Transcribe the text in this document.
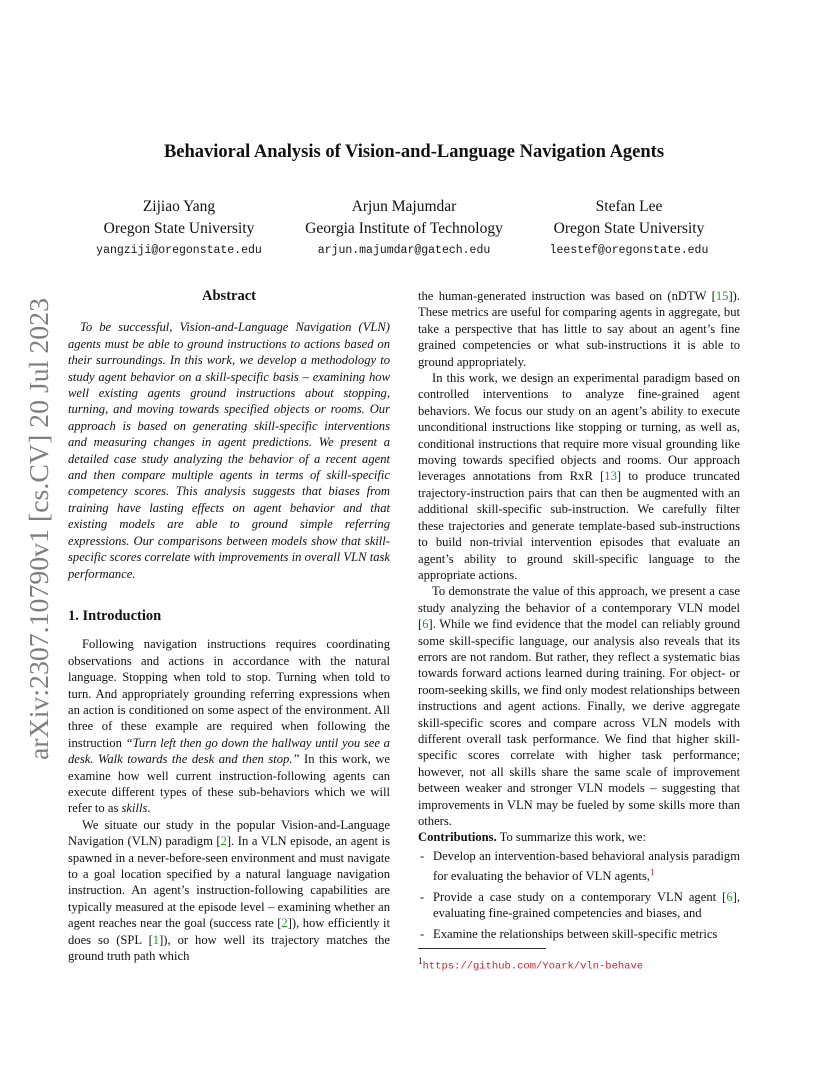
arXiv:2307.10790v1 [cs.CV] 20 Jul 2023
Behavioral Analysis of Vision-and-Language Navigation Agents
Zijiao Yang
Oregon State University
yangziji@oregonstate.edu
Arjun Majumdar
Georgia Institute of Technology
arjun.majumdar@gatech.edu
Stefan Lee
Oregon State University
leestef@oregonstate.edu
Abstract

To be successful, Vision-and-Language Navigation (VLN) agents must be able to ground instructions to actions based on their surroundings. In this work, we develop a methodology to study agent behavior on a skill-specific basis – examining how well existing agents ground instructions about stopping, turning, and moving towards specified objects or rooms. Our approach is based on generating skill-specific interventions and measuring changes in agent predictions. We present a detailed case study analyzing the behavior of a recent agent and then compare multiple agents in terms of skill-specific competency scores. This analysis suggests that biases from training have lasting effects on agent behavior and that existing models are able to ground simple referring expressions. Our comparisons between models show that skill-specific scores correlate with improvements in overall VLN task performance.

1. Introduction

Following navigation instructions requires coordinating observations and actions in accordance with the natural language. Stopping when told to stop. Turning when told to turn. And appropriately grounding referring expressions when an action is conditioned on some aspect of the environment. All three of these example are required when following the instruction “Turn left then go down the hallway until you see a desk. Walk towards the desk and then stop.” In this work, we examine how well current instruction-following agents can execute different types of these sub-behaviors which we will refer to as skills.

We situate our study in the popular Vision-and-Language Navigation (VLN) paradigm [2]. In a VLN episode, an agent is spawned in a never-before-seen environment and must navigate to a goal location specified by a natural language navigation instruction. An agent’s instruction-following capabilities are typically measured at the episode level – examining whether an agent reaches near the goal (success rate [2]), how efficiently it does so (SPL [1]), or how well its trajectory matches the ground truth path which

the human-generated instruction was based on (nDTW [15]). These metrics are useful for comparing agents in aggregate, but take a perspective that has little to say about an agent’s fine grained competencies or what sub-instructions it is able to ground appropriately.

In this work, we design an experimental paradigm based on controlled interventions to analyze fine-grained agent behaviors. We focus our study on an agent’s ability to execute unconditional instructions like stopping or turning, as well as, conditional instructions that require more visual grounding like moving towards specified objects and rooms. Our approach leverages annotations from RxR [13] to produce truncated trajectory-instruction pairs that can then be augmented with an additional skill-specific sub-instruction. We carefully filter these trajectories and generate template-based sub-instructions to build non-trivial intervention episodes that evaluate an agent’s ability to ground skill-specific language to the appropriate actions.

To demonstrate the value of this approach, we present a case study analyzing the behavior of a contemporary VLN model [6]. While we find evidence that the model can reliably ground some skill-specific language, our analysis also reveals that its errors are not random. But rather, they reflect a systematic bias towards forward actions learned during training. For object- or room-seeking skills, we find only modest relationships between instructions and agent actions. Finally, we derive aggregate skill-specific scores and compare across VLN models with different overall task performance. We find that higher skill-specific scores correlate with higher task performance; however, not all skills share the same scale of improvement between weaker and stronger VLN models – suggesting that improvements in VLN may be fueled by some skills more than others.

Contributions. To summarize this work, we:

- Develop an intervention-based behavioral analysis paradigm for evaluating the behavior of VLN agents,$^1$
- Provide a case study on a contemporary VLN agent [6], evaluating fine-grained competencies and biases, and
- Examine the relationships between skill-specific metrics
$^1$https://github.com/Yoark/vln-behave
